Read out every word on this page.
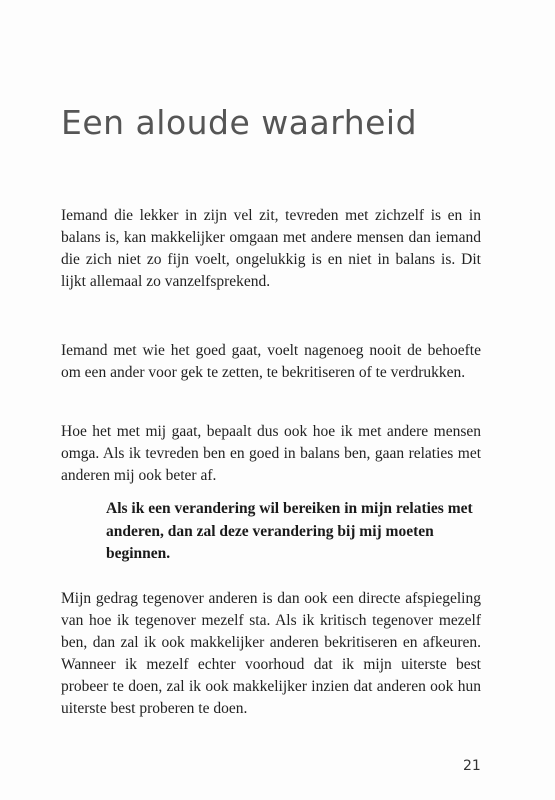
Een aloude waarheid

Iemand die lekker in zijn vel zit, tevreden met zichzelf is en in balans is, kan makkelijker omgaan met andere mensen dan iemand die zich niet zo fijn voelt, ongelukkig is en niet in balans is. Dit lijkt allemaal zo vanzelfsprekend.

Iemand met wie het goed gaat, voelt nagenoeg nooit de behoefte om een ander voor gek te zetten, te bekritiseren of te verdrukken.

Hoe het met mij gaat, bepaalt dus ook hoe ik met andere mensen omga. Als ik tevreden ben en goed in balans ben, gaan relaties met anderen mij ook beter af.

Als ik een verandering wil bereiken in mijn relaties met anderen, dan zal deze verandering bij mij moeten beginnen.

Mijn gedrag tegenover anderen is dan ook een directe afspiegeling van hoe ik tegenover mezelf sta. Als ik kritisch tegenover mezelf ben, dan zal ik ook makkelijker anderen bekritiseren en afkeuren. Wanneer ik mezelf echter voorhoud dat ik mijn uiterste best probeer te doen, zal ik ook makkelijker inzien dat anderen ook hun uiterste best proberen te doen.

21
